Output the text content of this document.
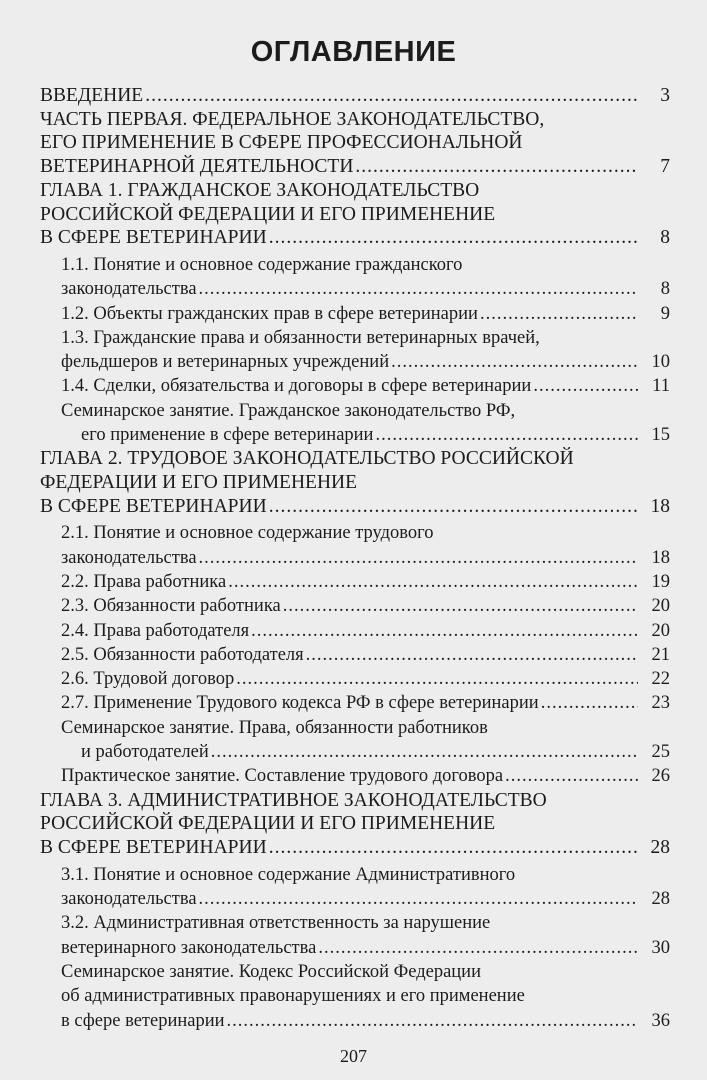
ОГЛАВЛЕНИЕ
ВВЕДЕНИЕ .....	3
ЧАСТЬ ПЕРВАЯ. ФЕДЕРАЛЬНОЕ ЗАКОНОДАТЕЛЬСТВО,
ЕГО ПРИМЕНЕНИЕ В СФЕРЕ ПРОФЕССИОНАЛЬНОЙ
ВЕТЕРИНАРНОЙ ДЕЯТЕЛЬНОСТИ .....	7
ГЛАВА 1. ГРАЖДАНСКОЕ ЗАКОНОДАТЕЛЬСТВО
РОССИЙСКОЙ ФЕДЕРАЦИИ И ЕГО ПРИМЕНЕНИЕ
В СФЕРЕ ВЕТЕРИНАРИИ .....	8
1.1. Понятие и основное содержание гражданского
законодательства .....	8
1.2. Объекты гражданских прав в сфере ветеринарии .....	9
1.3. Гражданские права и обязанности ветеринарных врачей,
фельдшеров и ветеринарных учреждений .....	10
1.4. Сделки, обязательства и договоры в сфере ветеринарии .....	11
Семинарское занятие. Гражданское законодательство РФ,
его применение в сфере ветеринарии .....	15
ГЛАВА 2. ТРУДОВОЕ ЗАКОНОДАТЕЛЬСТВО РОССИЙСКОЙ
ФЕДЕРАЦИИ И ЕГО ПРИМЕНЕНИЕ
В СФЕРЕ ВЕТЕРИНАРИИ .....	18
2.1. Понятие и основное содержание трудового
законодательства .....	18
2.2. Права работника .....	19
2.3. Обязанности работника .....	20
2.4. Права работодателя .....	20
2.5. Обязанности работодателя .....	21
2.6. Трудовой договор .....	22
2.7. Применение Трудового кодекса РФ в сфере ветеринарии .....	23
Семинарское занятие. Права, обязанности работников
и работодателей .....	25
Практическое занятие. Составление трудового договора .....	26
ГЛАВА 3. АДМИНИСТРАТИВНОЕ ЗАКОНОДАТЕЛЬСТВО
РОССИЙСКОЙ ФЕДЕРАЦИИ И ЕГО ПРИМЕНЕНИЕ
В СФЕРЕ ВЕТЕРИНАРИИ .....	28
3.1. Понятие и основное содержание Административного
законодательства .....	28
3.2. Административная ответственность за нарушение
ветеринарного законодательства .....	30
Семинарское занятие. Кодекс Российской Федерации
об административных правонарушениях и его применение
в сфере ветеринарии .....	36
207
